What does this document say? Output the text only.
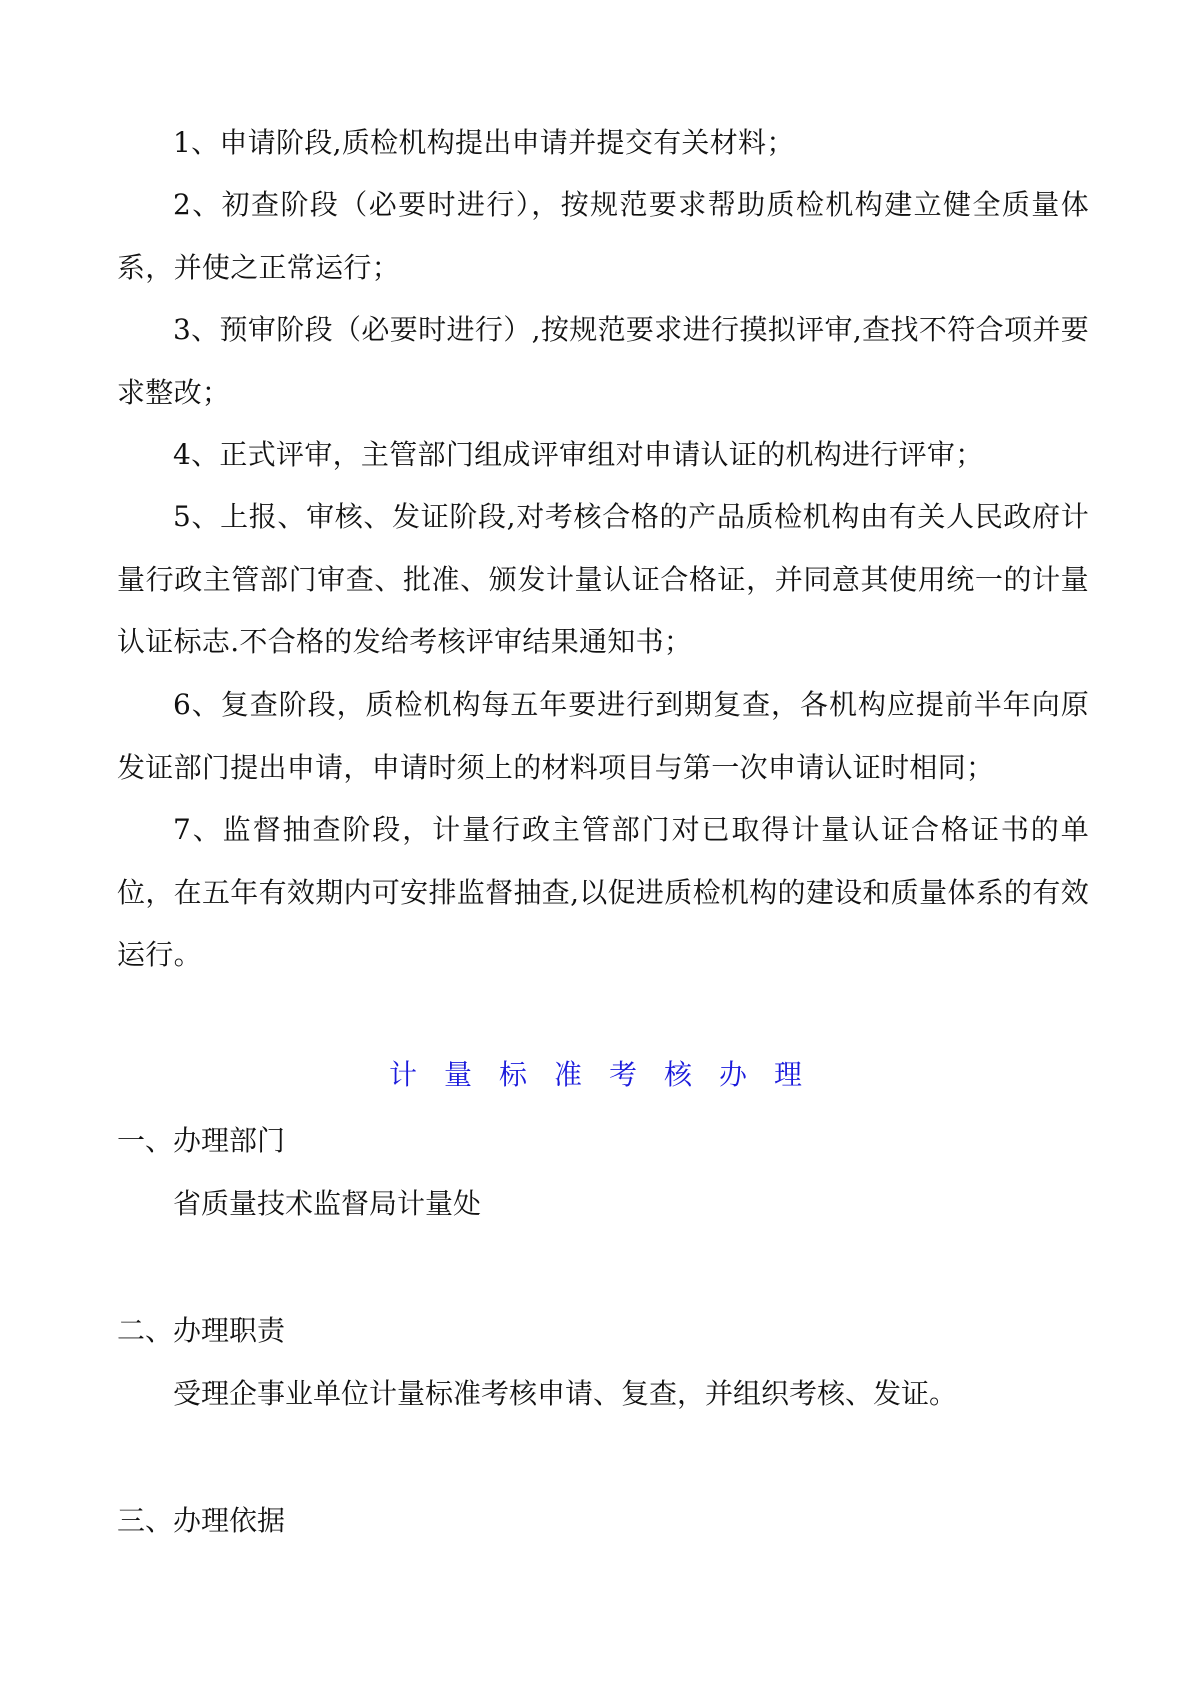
1、申请阶段,质检机构提出申请并提交有关材料；

2、初查阶段（必要时进行），按规范要求帮助质检机构建立健全质量体系，并使之正常运行；

3、预审阶段（必要时进行）,按规范要求进行摸拟评审,查找不符合项并要求整改；

4、正式评审，主管部门组成评审组对申请认证的机构进行评审；

5、上报、审核、发证阶段,对考核合格的产品质检机构由有关人民政府计量行政主管部门审查、批准、颁发计量认证合格证，并同意其使用统一的计量认证标志.不合格的发给考核评审结果通知书；

6、复查阶段，质检机构每五年要进行到期复查，各机构应提前半年向原发证部门提出申请，申请时须上的材料项目与第一次申请认证时相同；

7、监督抽查阶段，计量行政主管部门对已取得计量认证合格证书的单位，在五年有效期内可安排监督抽查,以促进质检机构的建设和质量体系的有效运行。

计量标准考核办理
一、办理部门

省质量技术监督局计量处

二、办理职责

受理企事业单位计量标准考核申请、复查，并组织考核、发证。

三、办理依据
